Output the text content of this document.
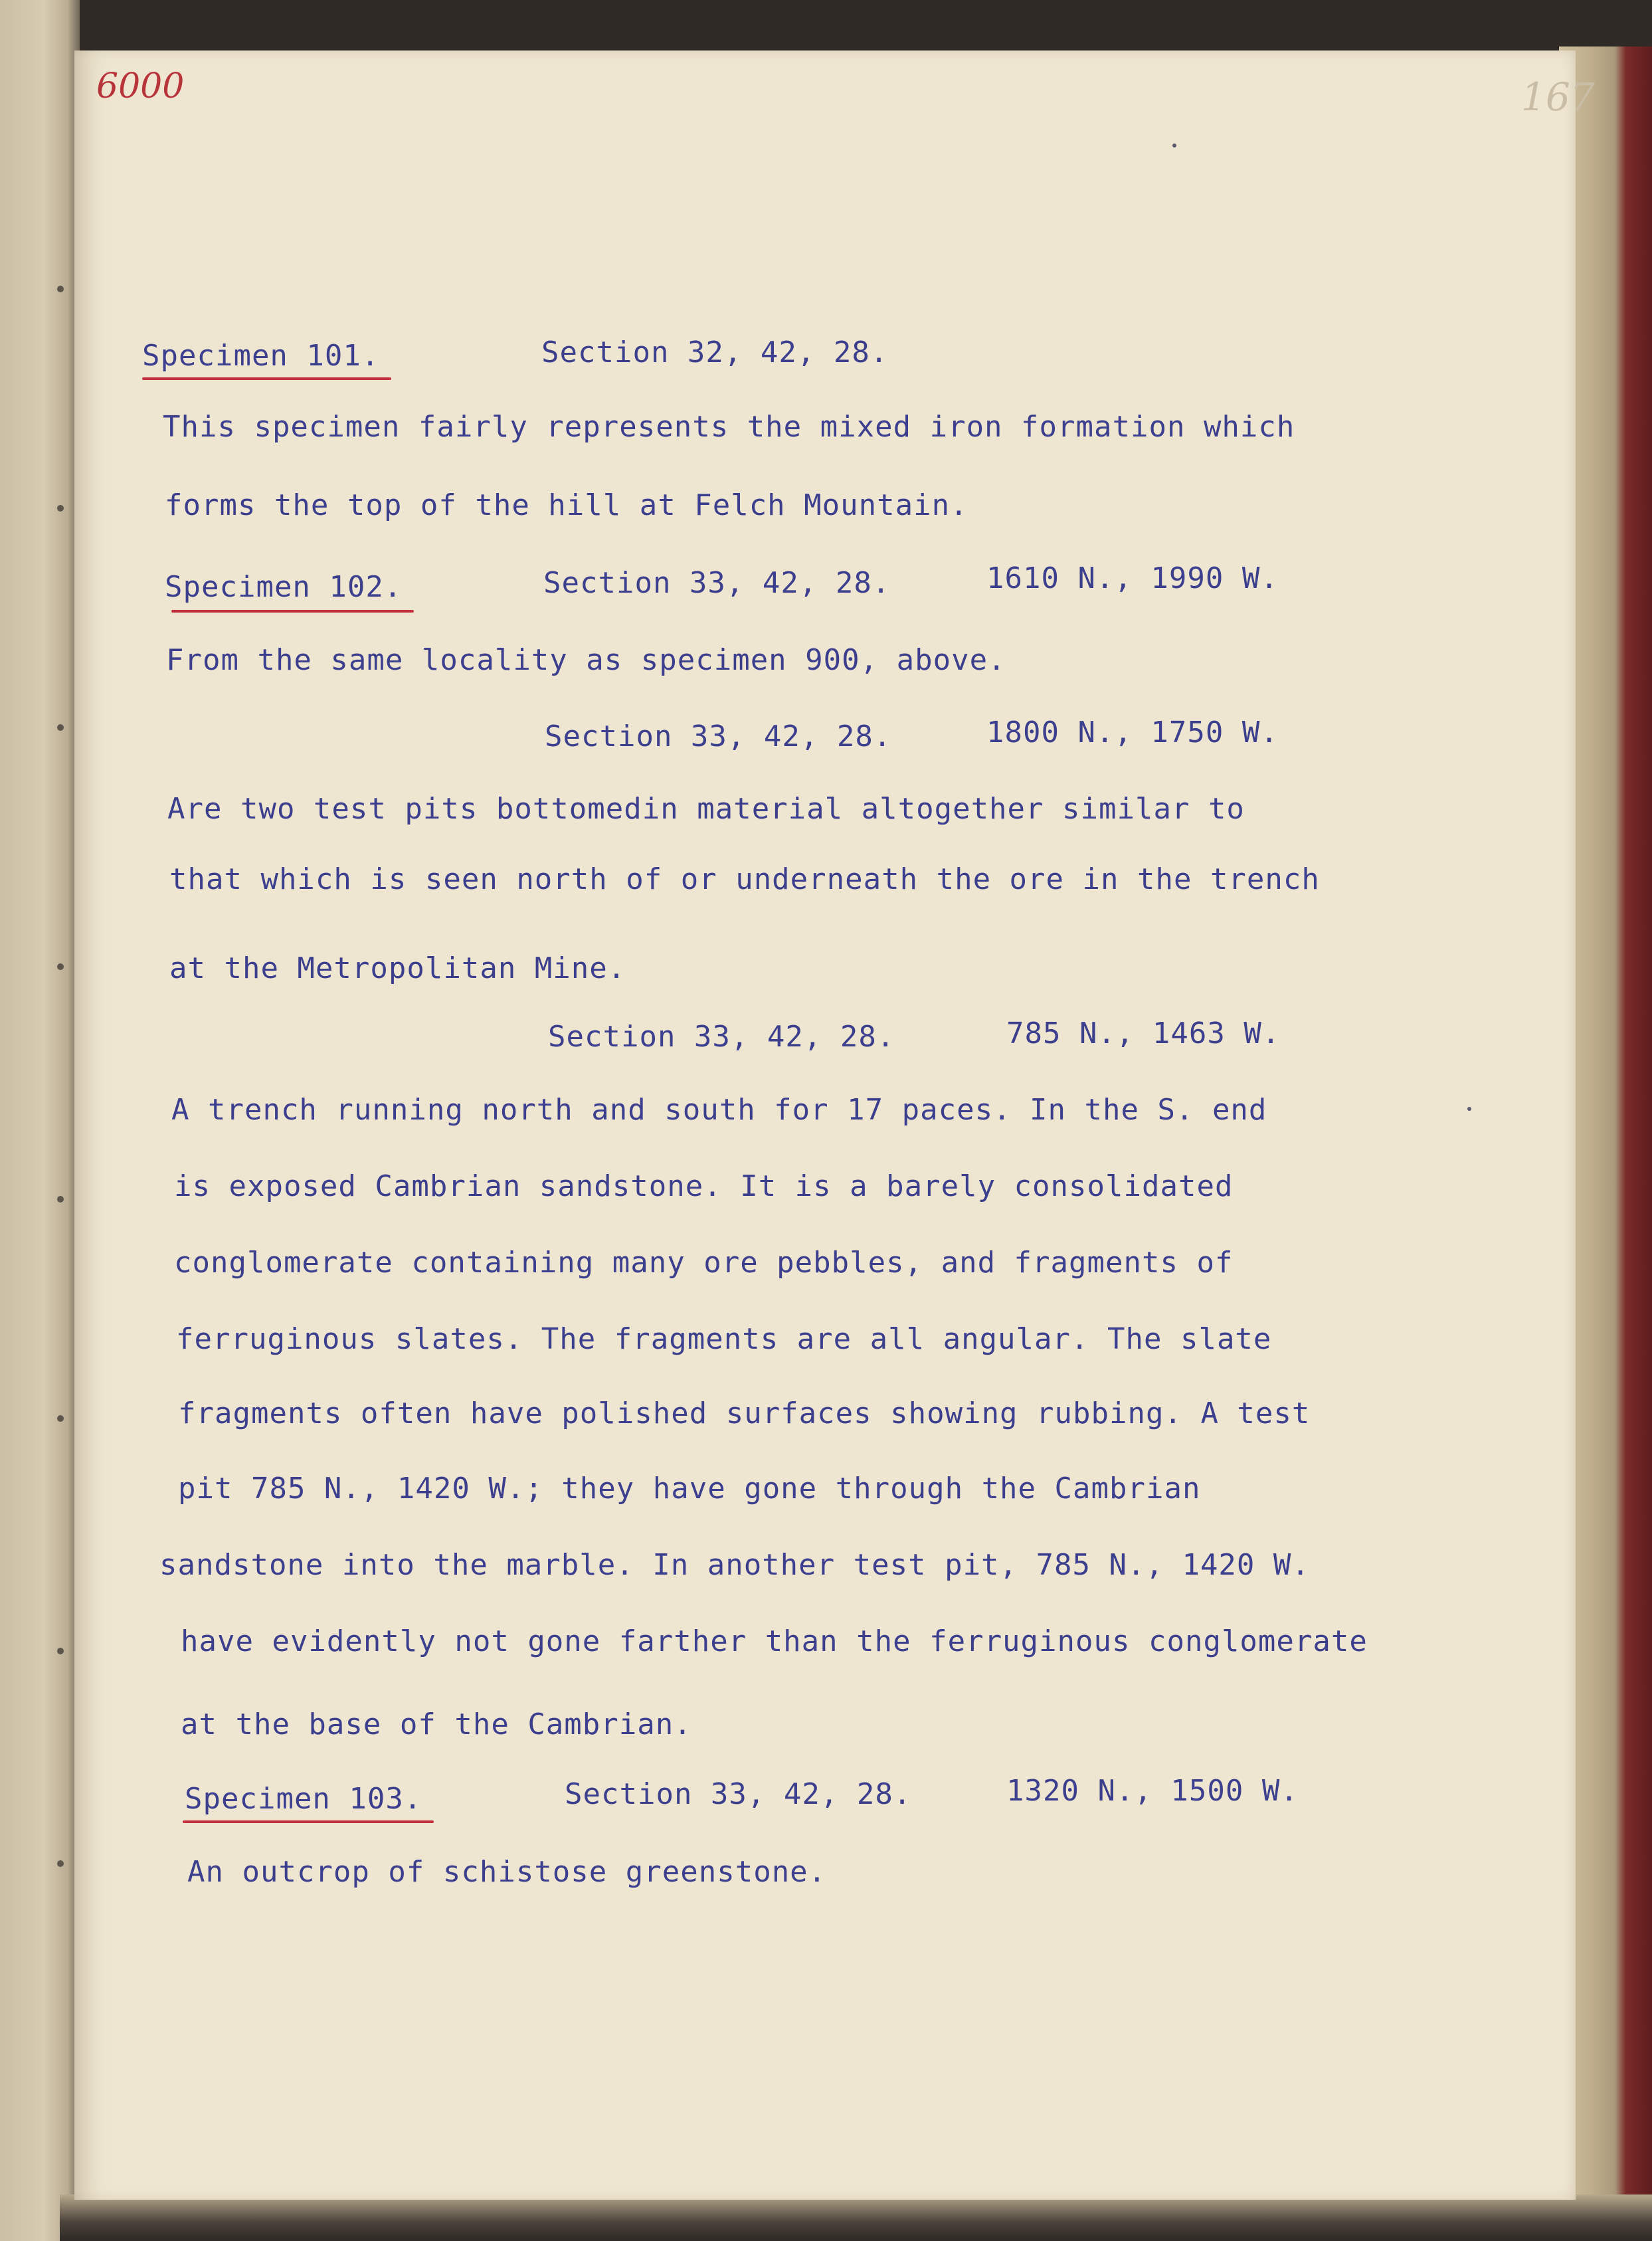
6000	167
Specimen 101.	Section 32, 42, 28.
This specimen fairly represents the mixed iron formation which
forms the top of the hill at Felch Mountain.
Specimen 102.	Section 33, 42, 28.	1610 N., 1990 W.
From the same locality as specimen 900, above.
Section 33, 42, 28.	1800 N., 1750 W.
Are two test pits bottomedin material altogether similar to
that which is seen north of or underneath the ore in the trench
at the Metropolitan Mine.
Section 33, 42, 28.	785 N., 1463 W.
A trench running north and south for 17 paces. In the S. end
is exposed Cambrian sandstone. It is a barely consolidated
conglomerate containing many ore pebbles, and fragments of
ferruginous slates. The fragments are all angular. The slate
fragments often have polished surfaces showing rubbing. A test
pit 785 N., 1420 W.; they have gone through the Cambrian
sandstone into the marble. In another test pit, 785 N., 1420 W.
have evidently not gone farther than the ferruginous conglomerate
at the base of the Cambrian.
Specimen 103.	Section 33, 42, 28.	1320 N., 1500 W.
An outcrop of schistose greenstone.
